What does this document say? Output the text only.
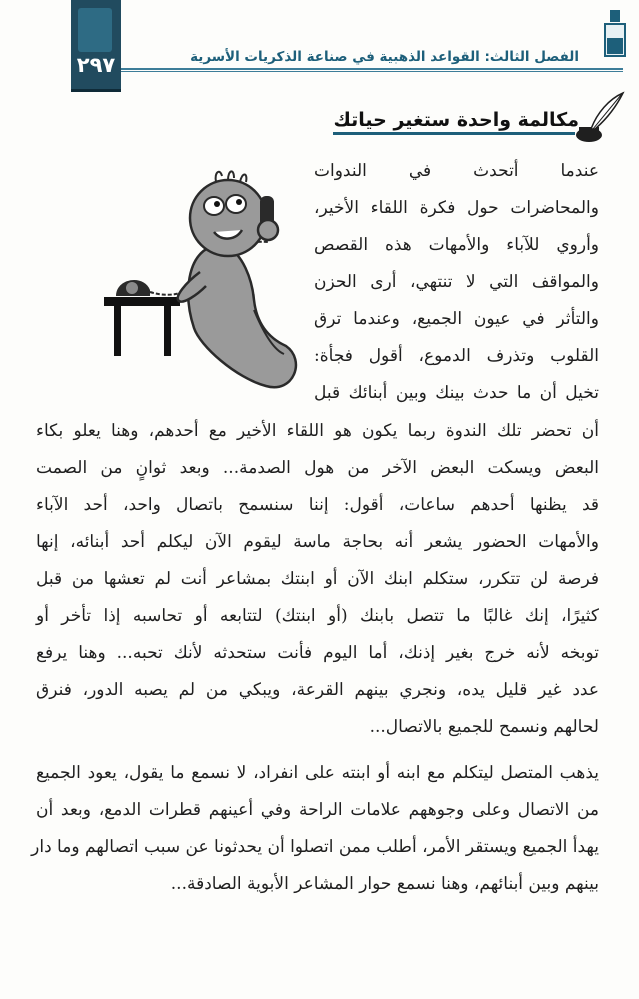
٢٩٧	الفصل الثالث: القواعد الذهبية في صناعة الذكريات الأسرية
مكالمة واحدة ستغير حياتك
عندما أتحدث في الندوات
والمحاضرات حول فكرة اللقاء الأخير،
وأروي للآباء والأمهات هذه القصص
والمواقف التي لا تنتهي، أرى الحزن
والتأثر في عيون الجميع، وعندما ترق
القلوب وتذرف الدموع، أقول فجأة:
تخيل أن ما حدث بينك وبين أبنائك قبل
أن تحضر تلك الندوة ربما يكون هو اللقاء الأخير مع أحدهم، وهنا يعلو بكاء
البعض ويسكت البعض الآخر من هول الصدمة... وبعد ثوانٍ من الصمت
قد يظنها أحدهم ساعات، أقول: إننا سنسمح باتصال واحد، أحد الآباء
والأمهات الحضور يشعر أنه بحاجة ماسة ليقوم الآن ليكلم أحد أبنائه، إنها
فرصة لن تتكرر، ستكلم ابنك الآن أو ابنتك بمشاعر أنت لم تعشها من قبل
كثيرًا، إنك غالبًا ما تتصل بابنك (أو ابنتك) لتتابعه أو تحاسبه إذا تأخر أو
توبخه لأنه خرج بغير إذنك، أما اليوم فأنت ستحدثه لأنك تحبه... وهنا يرفع
عدد غير قليل يده، ونجري بينهم القرعة، ويبكي من لم يصبه الدور، فنرق
لحالهم ونسمح للجميع بالاتصال...
يذهب المتصل ليتكلم مع ابنه أو ابنته على انفراد، لا نسمع ما يقول، يعود الجميع
من الاتصال وعلى وجوههم علامات الراحة وفي أعينهم قطرات الدمع، وبعد أن
يهدأ الجميع ويستقر الأمر، أطلب ممن اتصلوا أن يحدثونا عن سبب اتصالهم وما دار
بينهم وبين أبنائهم، وهنا نسمع حوار المشاعر الأبوية الصادقة...
